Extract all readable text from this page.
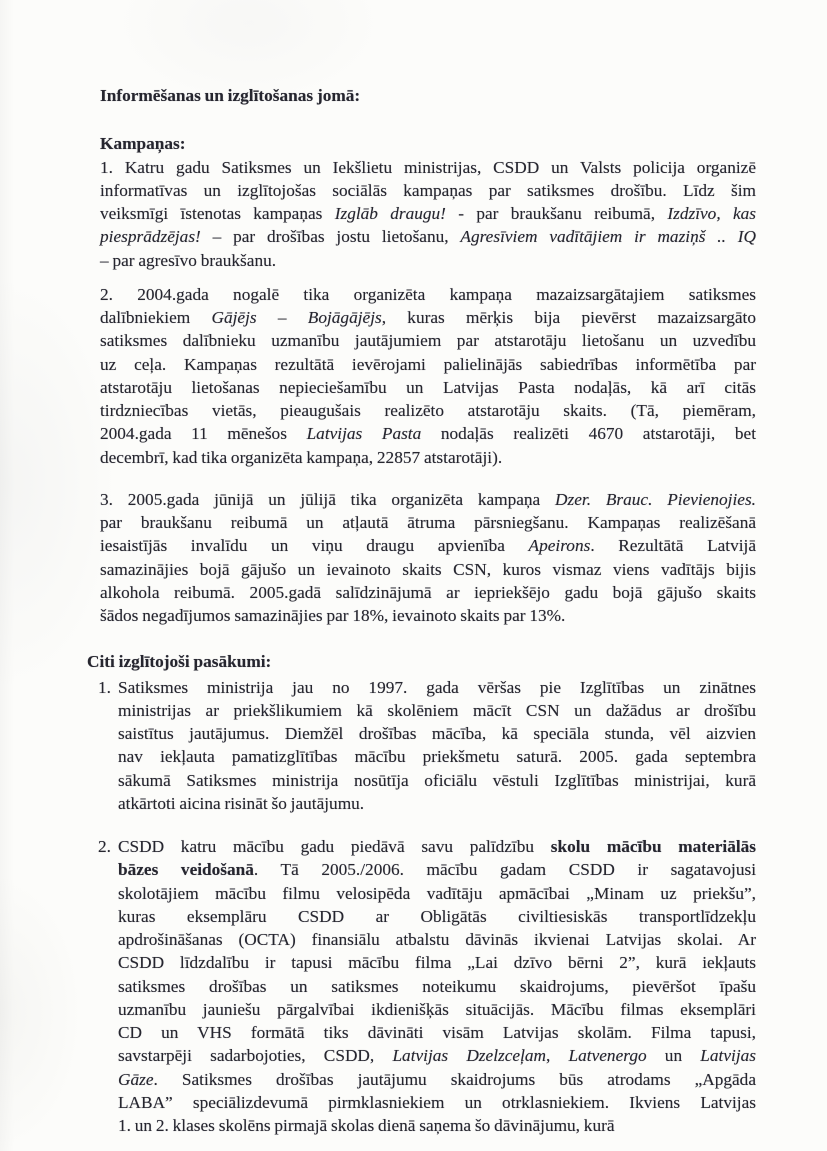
Informēšanas un izglītošanas jomā:
Kampaņas:
1. Katru gadu Satiksmes un Iekšlietu ministrijas, CSDD un Valsts policija organizē
informatīvas un izglītojošas sociālās kampaņas par satiksmes drošību. Līdz šim
veiksmīgi īstenotas kampaņas Izglāb draugu! - par braukšanu reibumā, Izdzīvo, kas
piesprādzējas! – par drošības jostu lietošanu, Agresīviem vadītājiem ir maziņš .. IQ
– par agresīvo braukšanu.
2. 2004.gada nogalē tika organizēta kampaņa mazaizsargātajiem satiksmes
dalībniekiem Gājējs – Bojāgājējs, kuras mērķis bija pievērst mazaizsargāto
satiksmes dalībnieku uzmanību jautājumiem par atstarotāju lietošanu un uzvedību
uz ceļa. Kampaņas rezultātā ievērojami palielinājās sabiedrības informētība par
atstarotāju lietošanas nepieciešamību un Latvijas Pasta nodaļās, kā arī citās
tirdzniecības vietās, pieaugušais realizēto atstarotāju skaits. (Tā, piemēram,
2004.gada 11 mēnešos Latvijas Pasta nodaļās realizēti 4670 atstarotāji, bet
decembrī, kad tika organizēta kampaņa, 22857 atstarotāji).
3. 2005.gada jūnijā un jūlijā tika organizēta kampaņa Dzer. Brauc. Pievienojies.
par braukšanu reibumā un atļautā ātruma pārsniegšanu. Kampaņas realizēšanā
iesaistījās invalīdu un viņu draugu apvienība Apeirons. Rezultātā Latvijā
samazinājies bojā gājušo un ievainoto skaits CSN, kuros vismaz viens vadītājs bijis
alkohola reibumā. 2005.gadā salīdzinājumā ar iepriekšējo gadu bojā gājušo skaits
šādos negadījumos samazinājies par 18%, ievainoto skaits par 13%.
Citi izglītojoši pasākumi:
1. Satiksmes ministrija jau no 1997. gada vēršas pie Izglītības un zinātnes
ministrijas ar priekšlikumiem kā skolēniem mācīt CSN un dažādus ar drošību
saistītus jautājumus. Diemžēl drošības mācība, kā speciāla stunda, vēl aizvien
nav iekļauta pamatizglītības mācību priekšmetu saturā. 2005. gada septembra
sākumā Satiksmes ministrija nosūtīja oficiālu vēstuli Izglītības ministrijai, kurā
atkārtoti aicina risināt šo jautājumu.
2. CSDD katru mācību gadu piedāvā savu palīdzību skolu mācību materiālās
bāzes veidošanā. Tā 2005./2006. mācību gadam CSDD ir sagatavojusi
skolotājiem mācību filmu velosipēda vadītāju apmācībai „Minam uz priekšu”,
kuras eksemplāru CSDD ar Obligātās civiltiesiskās transportlīdzekļu
apdrošināšanas (OCTA) finansiālu atbalstu dāvinās ikvienai Latvijas skolai. Ar
CSDD līdzdalību ir tapusi mācību filma „Lai dzīvo bērni 2”, kurā iekļauts
satiksmes drošības un satiksmes noteikumu skaidrojums, pievēršot īpašu
uzmanību jauniešu pārgalvībai ikdienišķās situācijās. Mācību filmas eksemplāri
CD un VHS formātā tiks dāvināti visām Latvijas skolām. Filma tapusi,
savstarpēji sadarbojoties, CSDD, Latvijas Dzelzceļam, Latvenergo un Latvijas
Gāze. Satiksmes drošības jautājumu skaidrojums būs atrodams „Apgāda
LABA” speciālizdevumā pirmklasniekiem un otrklasniekiem. Ikviens Latvijas
1. un 2. klases skolēns pirmajā skolas dienā saņema šo dāvinājumu, kurā
